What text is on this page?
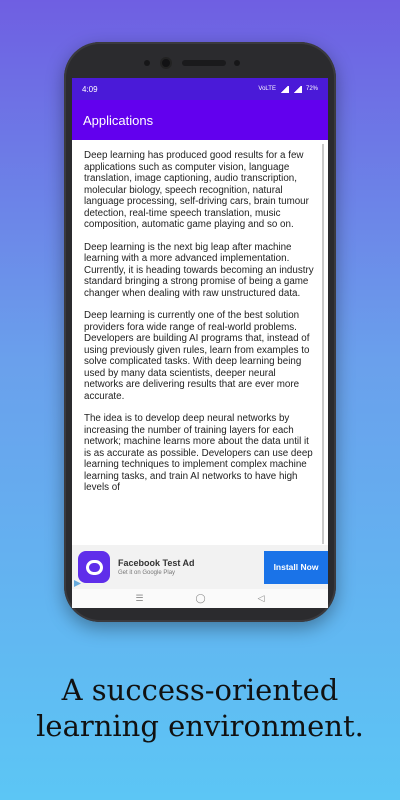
4:09	VoLTE	72%
Applications

Deep learning has produced good results for a few applications such as computer vision, language translation, image captioning, audio transcription, molecular biology, speech recognition, natural language processing, self-driving cars, brain tumour detection, real-time speech translation, music composition, automatic game playing and so on.

Deep learning is the next big leap after machine learning with a more advanced implementation. Currently, it is heading towards becoming an industry standard bringing a strong promise of being a game changer when dealing with raw unstructured data.

Deep learning is currently one of the best solution providers fora wide range of real-world problems. Developers are building AI programs that, instead of using previously given rules, learn from examples to solve complicated tasks. With deep learning being used by many data scientists, deeper neural networks are delivering results that are ever more accurate.

The idea is to develop deep neural networks by increasing the number of training layers for each network; machine learns more about the data until it is as accurate as possible. Developers can use deep learning techniques to implement complex machine learning tasks, and train AI networks to have high levels of

Facebook Test Ad
Get it on Google Play
Install Now
☰	◯	◁
A success-oriented learning environment.
